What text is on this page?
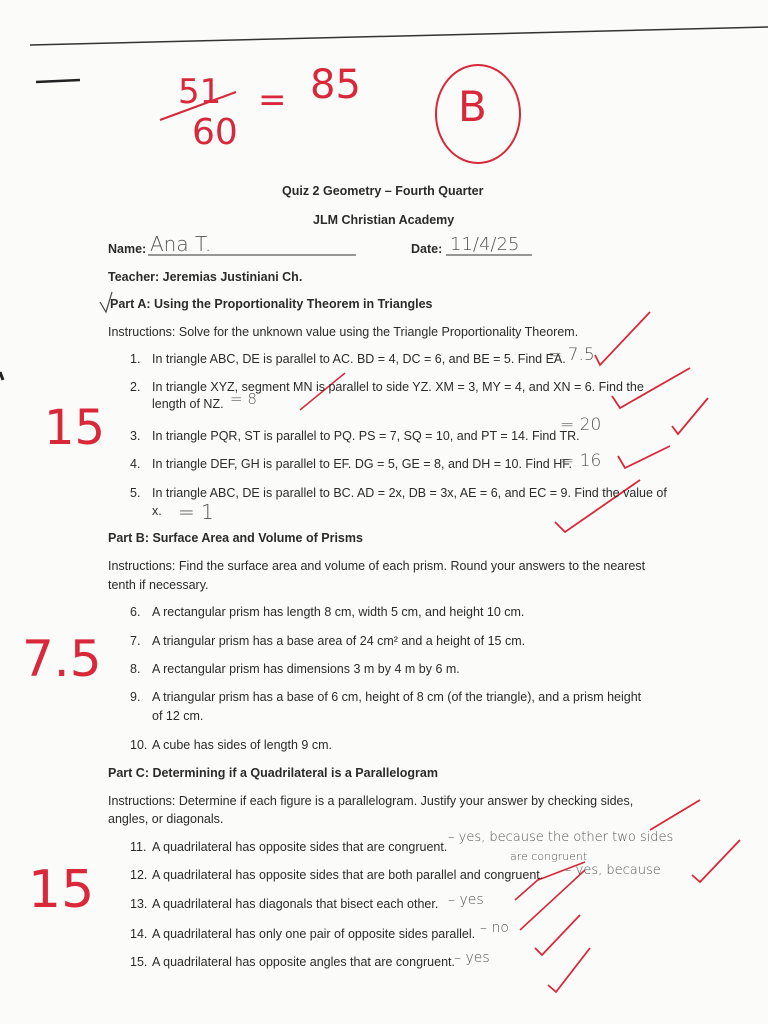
51
60
= 85 B
Quiz 2 Geometry – Fourth Quarter
JLM Christian Academy
Name: Ana T.	Date: 11/4/25
Teacher: Jeremias Justiniani Ch.
Part A: Using the Proportionality Theorem in Triangles
Instructions: Solve for the unknown value using the Triangle Proportionality Theorem.
1. In triangle ABC, DE is parallel to AC. BD = 4, DC = 6, and BE = 5. Find EA.
= 7.5
2. In triangle XYZ, segment MN is parallel to side YZ. XM = 3, MY = 4, and XN = 6. Find the
length of NZ. = 8
3. In triangle PQR, ST is parallel to PQ. PS = 7, SQ = 10, and PT = 14. Find TR.
= 20
4. In triangle DEF, GH is parallel to EF. DG = 5, GE = 8, and DH = 10. Find HF.
= 16
5. In triangle ABC, DE is parallel to BC. AD = 2x, DB = 3x, AE = 6, and EC = 9. Find the value of
x. = 1
15
Part B: Surface Area and Volume of Prisms
Instructions: Find the surface area and volume of each prism. Round your answers to the nearest
tenth if necessary.
6. A rectangular prism has length 8 cm, width 5 cm, and height 10 cm.
7. A triangular prism has a base area of 24 cm² and a height of 15 cm.
8. A rectangular prism has dimensions 3 m by 4 m by 6 m.
9. A triangular prism has a base of 6 cm, height of 8 cm (of the triangle), and a prism height
of 12 cm.
10. A cube has sides of length 9 cm.
7.5
Part C: Determining if a Quadrilateral is a Parallelogram
Instructions: Determine if each figure is a parallelogram. Justify your answer by checking sides,
angles, or diagonals.
11. A quadrilateral has opposite sides that are congruent.
– yes, because the other two sides
are congruent
12. A quadrilateral has opposite sides that are both parallel and congruent. – yes, because
13. A quadrilateral has diagonals that bisect each other. – yes
14. A quadrilateral has only one pair of opposite sides parallel. – no
15. A quadrilateral has opposite angles that are congruent. – yes
15
